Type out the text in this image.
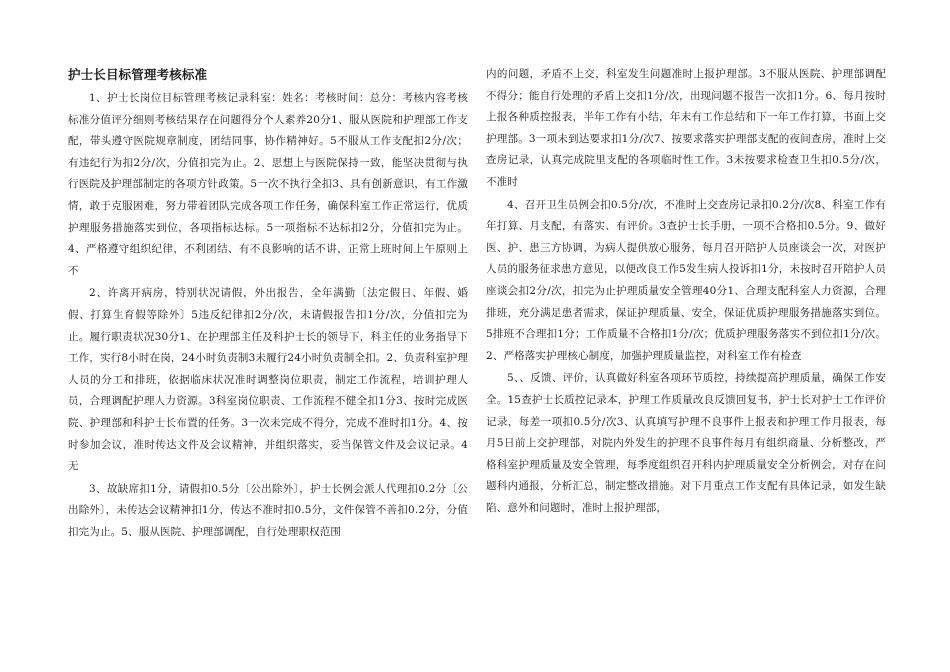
护士长目标管理考核标准

1、护士长岗位目标管理考核记录科室：姓名：考核时间：总分：考核内容考核标准分值评分细则考核结果存在问题得分个人素养20分1、服从医院和护理部工作支配，带头遵守医院规章制度，团结同事，协作精神好。5不服从工作支配扣2分/次；有违纪行为扣2分/次，分值扣完为止。2、思想上与医院保持一致，能坚决贯彻与执行医院及护理部制定的各项方针政策。5一次不执行全扣3、具有创新意识，有工作激情，敢于克服困难，努力带着团队完成各项工作任务，确保科室工作正常运行，优质护理服务措施落实到位，各项指标达标。5一项指标不达标扣2分，分值扣完为止。4、严格遵守组织纪律，不利团结、有不良影响的话不讲，正常上班时间上午原则上不

2、许离开病房，特别状况请假，外出报告，全年满勤〔法定假日、年假、婚假、打算生育假等除外〕5违反纪律扣2分/次，未请假报告扣1分/次，分值扣完为止。履行职责状况30分1、在护理部主任及科护士长的领导下，科主任的业务指导下工作，实行8小时在岗，24小时负责制3未履行24小时负责制全扣。2、负责科室护理人员的分工和排班，依据临床状况准时调整岗位职责，制定工作流程，培训护理人员，合理调配护理人力资源。3科室岗位职责、工作流程不健全扣1分3、按时完成医院、护理部和科护士长布置的任务。3一次未完成不得分，完成不准时扣1分。4、按时参加会议，准时传达文件及会议精神，并组织落实，妥当保管文件及会议记录。4无

3、故缺席扣1分，请假扣0.5分〔公出除外〕，护士长例会派人代理扣0.2分〔公出除外〕，未传达会议精神扣1分，传达不准时扣0.5分，文件保管不善扣0.2分，分值扣完为止。5、服从医院、护理部调配，自行处理职权范围

内的问题，矛盾不上交，科室发生问题准时上报护理部。3不服从医院、护理部调配不得分；能自行处理的矛盾上交扣1分/次，出现问题不报告一次扣1分。6、每月按时上报各种质控报表，半年工作有小结，年末有工作总结和下一年工作打算，书面上交护理部。3一项未到达要求扣1分/次7、按要求落实护理部支配的夜间查房，准时上交查房记录，认真完成院里支配的各项临时性工作。3未按要求检查卫生扣0.5分/次，不准时

4、召开卫生员例会扣0.5分/次，不准时上交查房记录扣0.2分/次8、科室工作有年打算、月支配，有落实、有评价。3查护士长手册，一项不合格扣0.5分。9、做好医、护、患三方协调，为病人提供放心服务，每月召开陪护人员座谈会一次，对医护人员的服务征求患方意见，以便改良工作5发生病人投诉扣1分，未按时召开陪护人员座谈会扣2分/次，扣完为止护理质量安全管理40分1、合理支配科室人力资源，合理排班，充分满足患者需求，保证护理质量、安全，保证优质护理服务措施落实到位。5排班不合理扣1分；工作质量不合格扣1分/次；优质护理服务落实不到位扣1分/次。2、严格落实护理核心制度，加强护理质量监控，对科室工作有检查

5、、反馈、评价，认真做好科室各项环节质控，持续提高护理质量，确保工作安全。15查护士长质控记录本，护理工作质量改良反馈回复书，护士长对护士工作评价记录，每差一项扣0.5分/次3、认真填写护理不良事件上报表和护理工作月报表，每月5日前上交护理部，对院内外发生的护理不良事件每月有组织商量、分析整改，严格科室护理质量及安全管理，每季度组织召开科内护理质量安全分析例会，对存在问题科内通报，分析汇总，制定整改措施。对下月重点工作支配有具体记录，如发生缺陷、意外和问题时，准时上报护理部，
